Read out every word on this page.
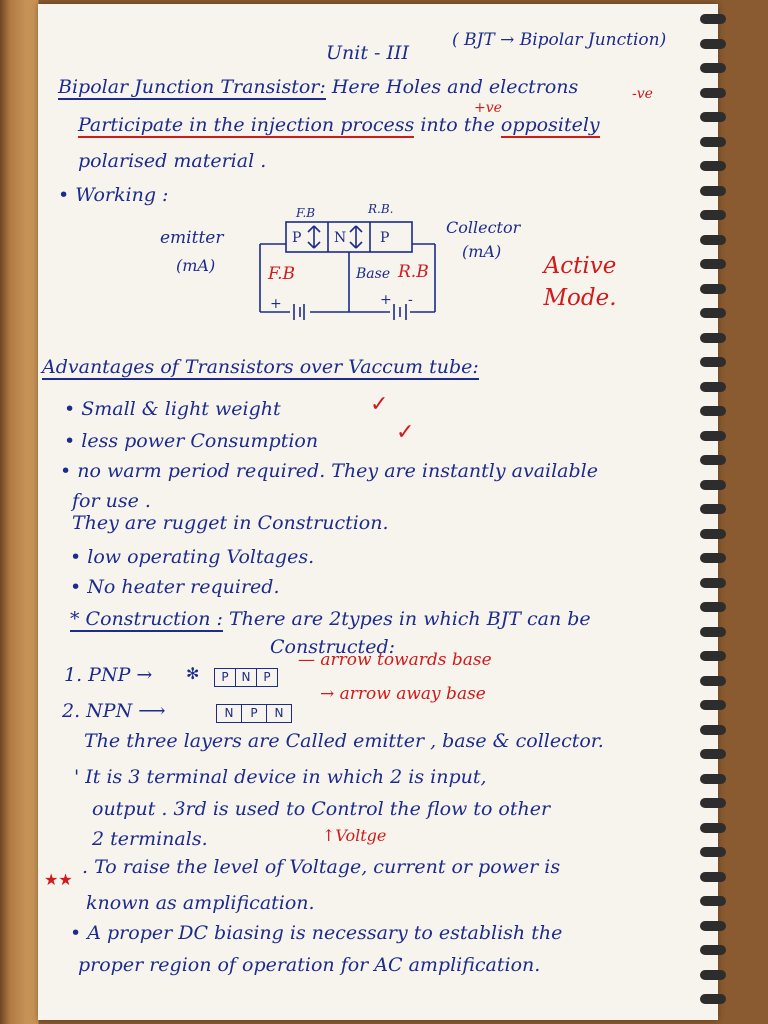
Unit - III
( BJT → Bipolar Junction)
Bipolar Junction Transistor: Here Holes and electrons
+ve
-ve
Participate in the injection process into the oppositely
polarised material .
• Working :
F.B	R.B.
emitter
(mA)
Collector
(mA)
P N P
F.B	Base R.B
+	+ -
Active Mode.
Advantages of Transistors over Vaccum tube:
• Small & light weight	✓
• less power Consumption	✓
• no warm period required. They are instantly available
for use .
They are rugget in Construction.
• low operating Voltages.
• No heater required.
* Construction : There are 2types in which BJT can be
Constructed:
1. PNP → ✻	P	N	P
— arrow towards base
2. NPN ⟶	N	P	N
→ arrow away base
The three layers are Called emitter , base & collector.
' It is 3 terminal device in which 2 is input,
output . 3rd is used to Control the flow to other
2 terminals.	↑Voltge
★★
. To raise the level of Voltage, current or power is
known as amplification.
• A proper DC biasing is necessary to establish the
proper region of operation for AC amplification.
